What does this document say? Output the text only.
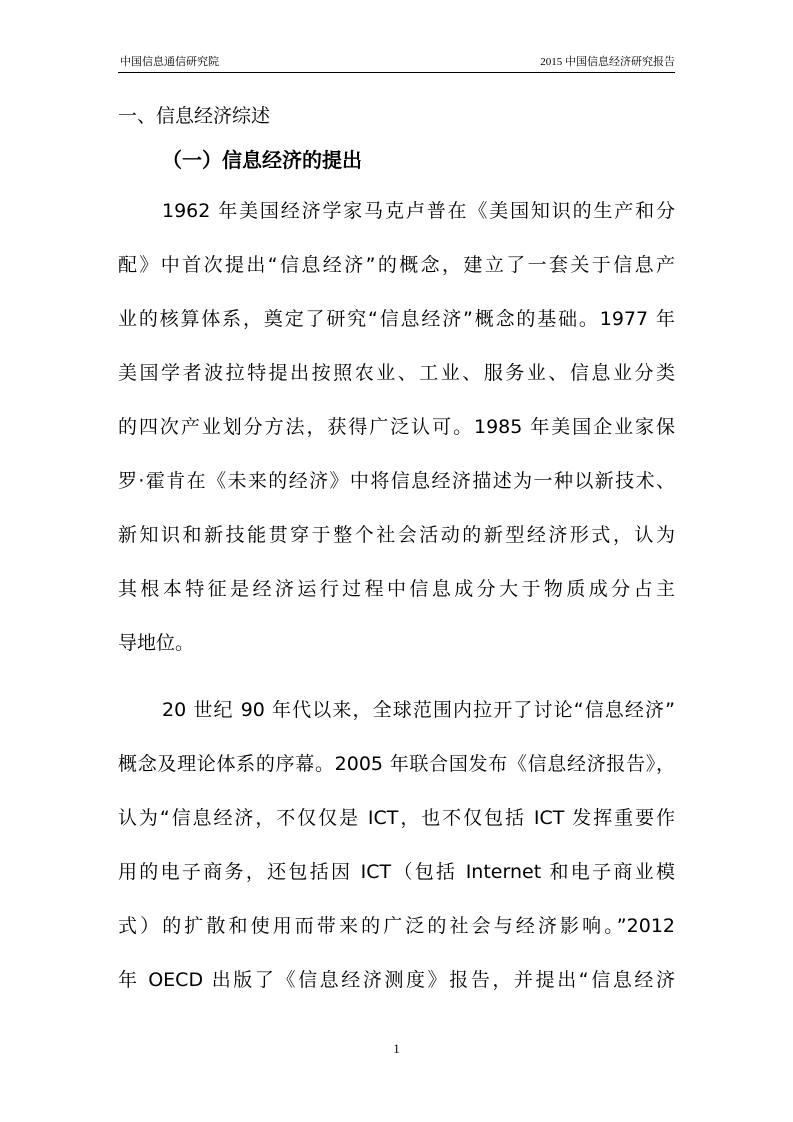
中国信息通信研究院	2015 中国信息经济研究报告
一、信息经济综述
（一）信息经济的提出
1962 年美国经济学家马克卢普在《美国知识的生产和分
配》中首次提出“信息经济”的概念，建立了一套关于信息产
业的核算体系，奠定了研究“信息经济”概念的基础。1977 年
美国学者波拉特提出按照农业、工业、服务业、信息业分类
的四次产业划分方法，获得广泛认可。1985 年美国企业家保
罗·霍肯在《未来的经济》中将信息经济描述为一种以新技术、
新知识和新技能贯穿于整个社会活动的新型经济形式，认为
其根本特征是经济运行过程中信息成分大于物质成分占主
导地位。
20 世纪 90 年代以来，全球范围内拉开了讨论“信息经济”
概念及理论体系的序幕。2005 年联合国发布《信息经济报告》，
认为“信息经济，不仅仅是 ICT，也不仅包括 ICT 发挥重要作
用的电子商务，还包括因 ICT（包括 Internet 和电子商业模
式）的扩散和使用而带来的广泛的社会与经济影响。”2012
年 OECD 出版了《信息经济测度》报告，并提出“信息经济
1
